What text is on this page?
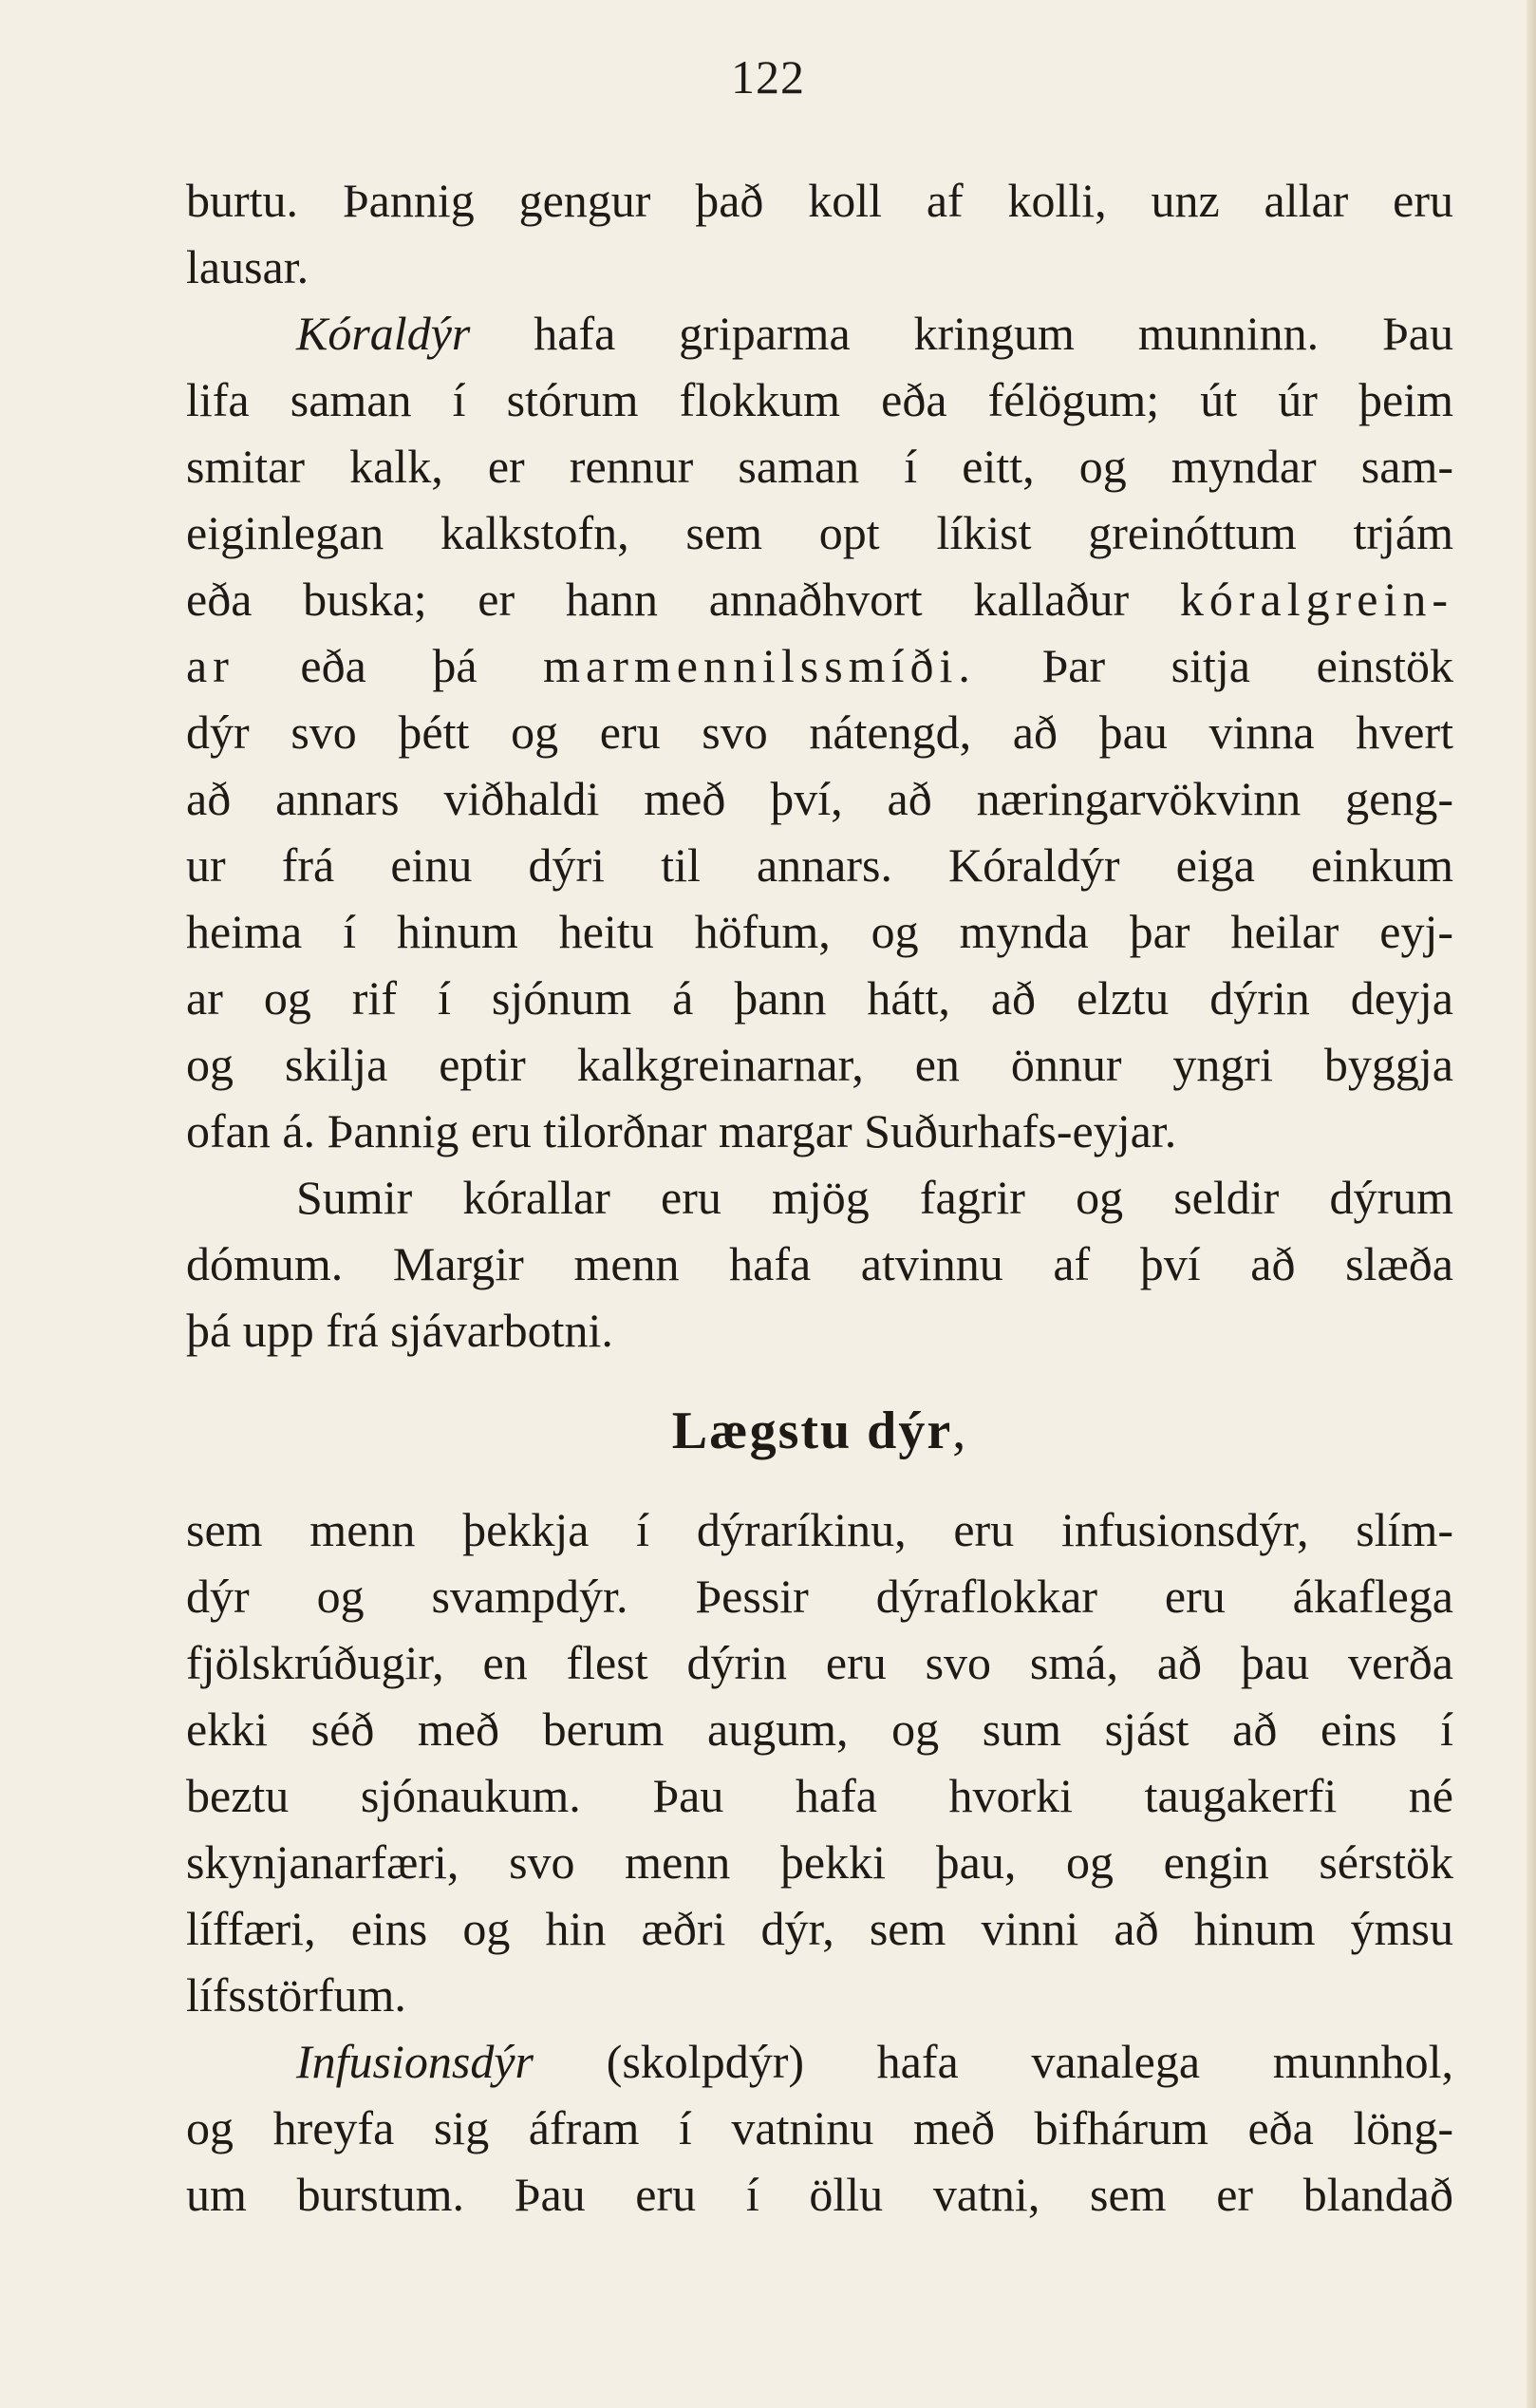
122
burtu. Þannig gengur það koll af kolli, unz allar eru
lausar.
Kóraldýr hafa griparma kringum munninn. Þau
lifa saman í stórum flokkum eða félögum; út úr þeim
smitar kalk, er rennur saman í eitt, og myndar sam-
eiginlegan kalkstofn, sem opt líkist greinóttum trjám
eða buska; er hann annaðhvort kallaður kóralgrein-
ar eða þá marmennilssmíði. Þar sitja einstök
dýr svo þétt og eru svo nátengd, að þau vinna hvert
að annars viðhaldi með því, að næringarvökvinn geng-
ur frá einu dýri til annars. Kóraldýr eiga einkum
heima í hinum heitu höfum, og mynda þar heilar eyj-
ar og rif í sjónum á þann hátt, að elztu dýrin deyja
og skilja eptir kalkgreinarnar, en önnur yngri byggja
ofan á. Þannig eru tilorðnar margar Suðurhafs-eyjar.
Sumir kórallar eru mjög fagrir og seldir dýrum
dómum. Margir menn hafa atvinnu af því að slæða
þá upp frá sjávarbotni.
Lægstu dýr,
sem menn þekkja í dýraríkinu, eru infusionsdýr, slím-
dýr og svampdýr. Þessir dýraflokkar eru ákaflega
fjölskrúðugir, en flest dýrin eru svo smá, að þau verða
ekki séð með berum augum, og sum sjást að eins í
beztu sjónaukum. Þau hafa hvorki taugakerfi né
skynjanarfæri, svo menn þekki þau, og engin sérstök
líffæri, eins og hin æðri dýr, sem vinni að hinum ýmsu
lífsstörfum.
Infusionsdýr (skolpdýr) hafa vanalega munnhol,
og hreyfa sig áfram í vatninu með bifhárum eða löng-
um burstum. Þau eru í öllu vatni, sem er blandað
